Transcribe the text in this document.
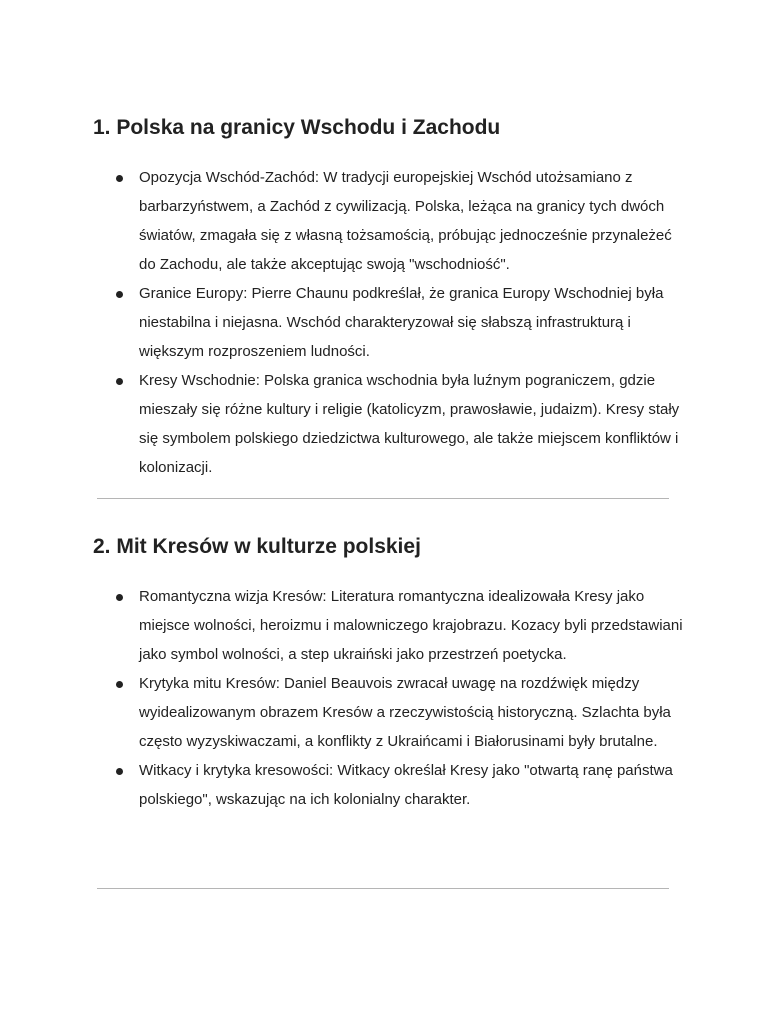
1. Polska na granicy Wschodu i Zachodu
Opozycja Wschód-Zachód: W tradycji europejskiej Wschód utożsamiano z barbarzyństwem, a Zachód z cywilizacją. Polska, leżąca na granicy tych dwóch światów, zmagała się z własną tożsamością, próbując jednocześnie przynależeć do Zachodu, ale także akceptując swoją "wschodniość".
Granice Europy: Pierre Chaunu podkreślał, że granica Europy Wschodniej była niestabilna i niejasna. Wschód charakteryzował się słabszą infrastrukturą i większym rozproszeniem ludności.
Kresy Wschodnie: Polska granica wschodnia była luźnym pograniczem, gdzie mieszały się różne kultury i religie (katolicyzm, prawosławie, judaizm). Kresy stały się symbolem polskiego dziedzictwa kulturowego, ale także miejscem konfliktów i kolonizacji.
2. Mit Kresów w kulturze polskiej
Romantyczna wizja Kresów: Literatura romantyczna idealizowała Kresy jako miejsce wolności, heroizmu i malowniczego krajobrazu. Kozacy byli przedstawiani jako symbol wolności, a step ukraiński jako przestrzeń poetycka.
Krytyka mitu Kresów: Daniel Beauvois zwracał uwagę na rozdźwięk między wyidealizowanym obrazem Kresów a rzeczywistością historyczną. Szlachta była często wyzyskiwaczami, a konflikty z Ukraińcami i Białorusinami były brutalne.
Witkacy i krytyka kresowości: Witkacy określał Kresy jako "otwartą ranę państwa polskiego", wskazując na ich kolonialny charakter.
